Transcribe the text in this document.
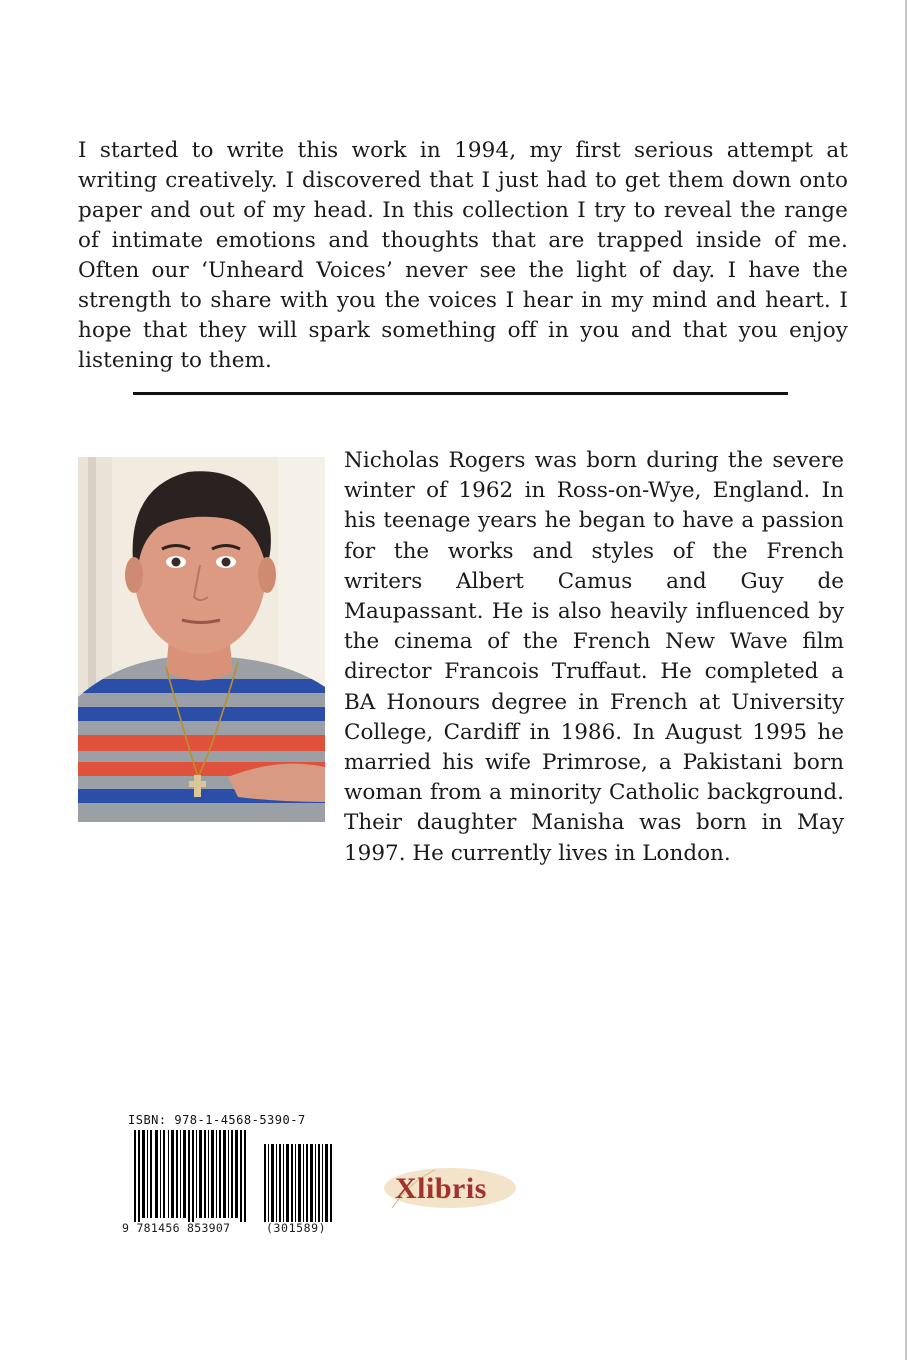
I started to write this work in 1994, my first serious attempt at writing creatively. I discovered that I just had to get them down onto paper and out of my head. In this collection I try to reveal the range of intimate emotions and thoughts that are trapped inside of me. Often our ‘Unheard Voices’ never see the light of day. I have the strength to share with you the voices I hear in my mind and heart. I hope that they will spark something off in you and that you enjoy listening to them.

Nicholas Rogers was born during the severe winter of 1962 in Ross-on-Wye, England. In his teenage years he began to have a passion for the works and styles of the French writers Albert Camus and Guy de Maupassant. He is also heavily influenced by the cinema of the French New Wave film director Francois Truffaut. He completed a BA Honours degree in French at University College, Cardiff in 1986. In August 1995 he married his wife Primrose, a Pakistani born woman from a minority Catholic background. Their daughter Manisha was born in May 1997. He currently lives in London.

ISBN: 978-1-4568-5390-7
9 781456 853907	(301589)
Xlibris
